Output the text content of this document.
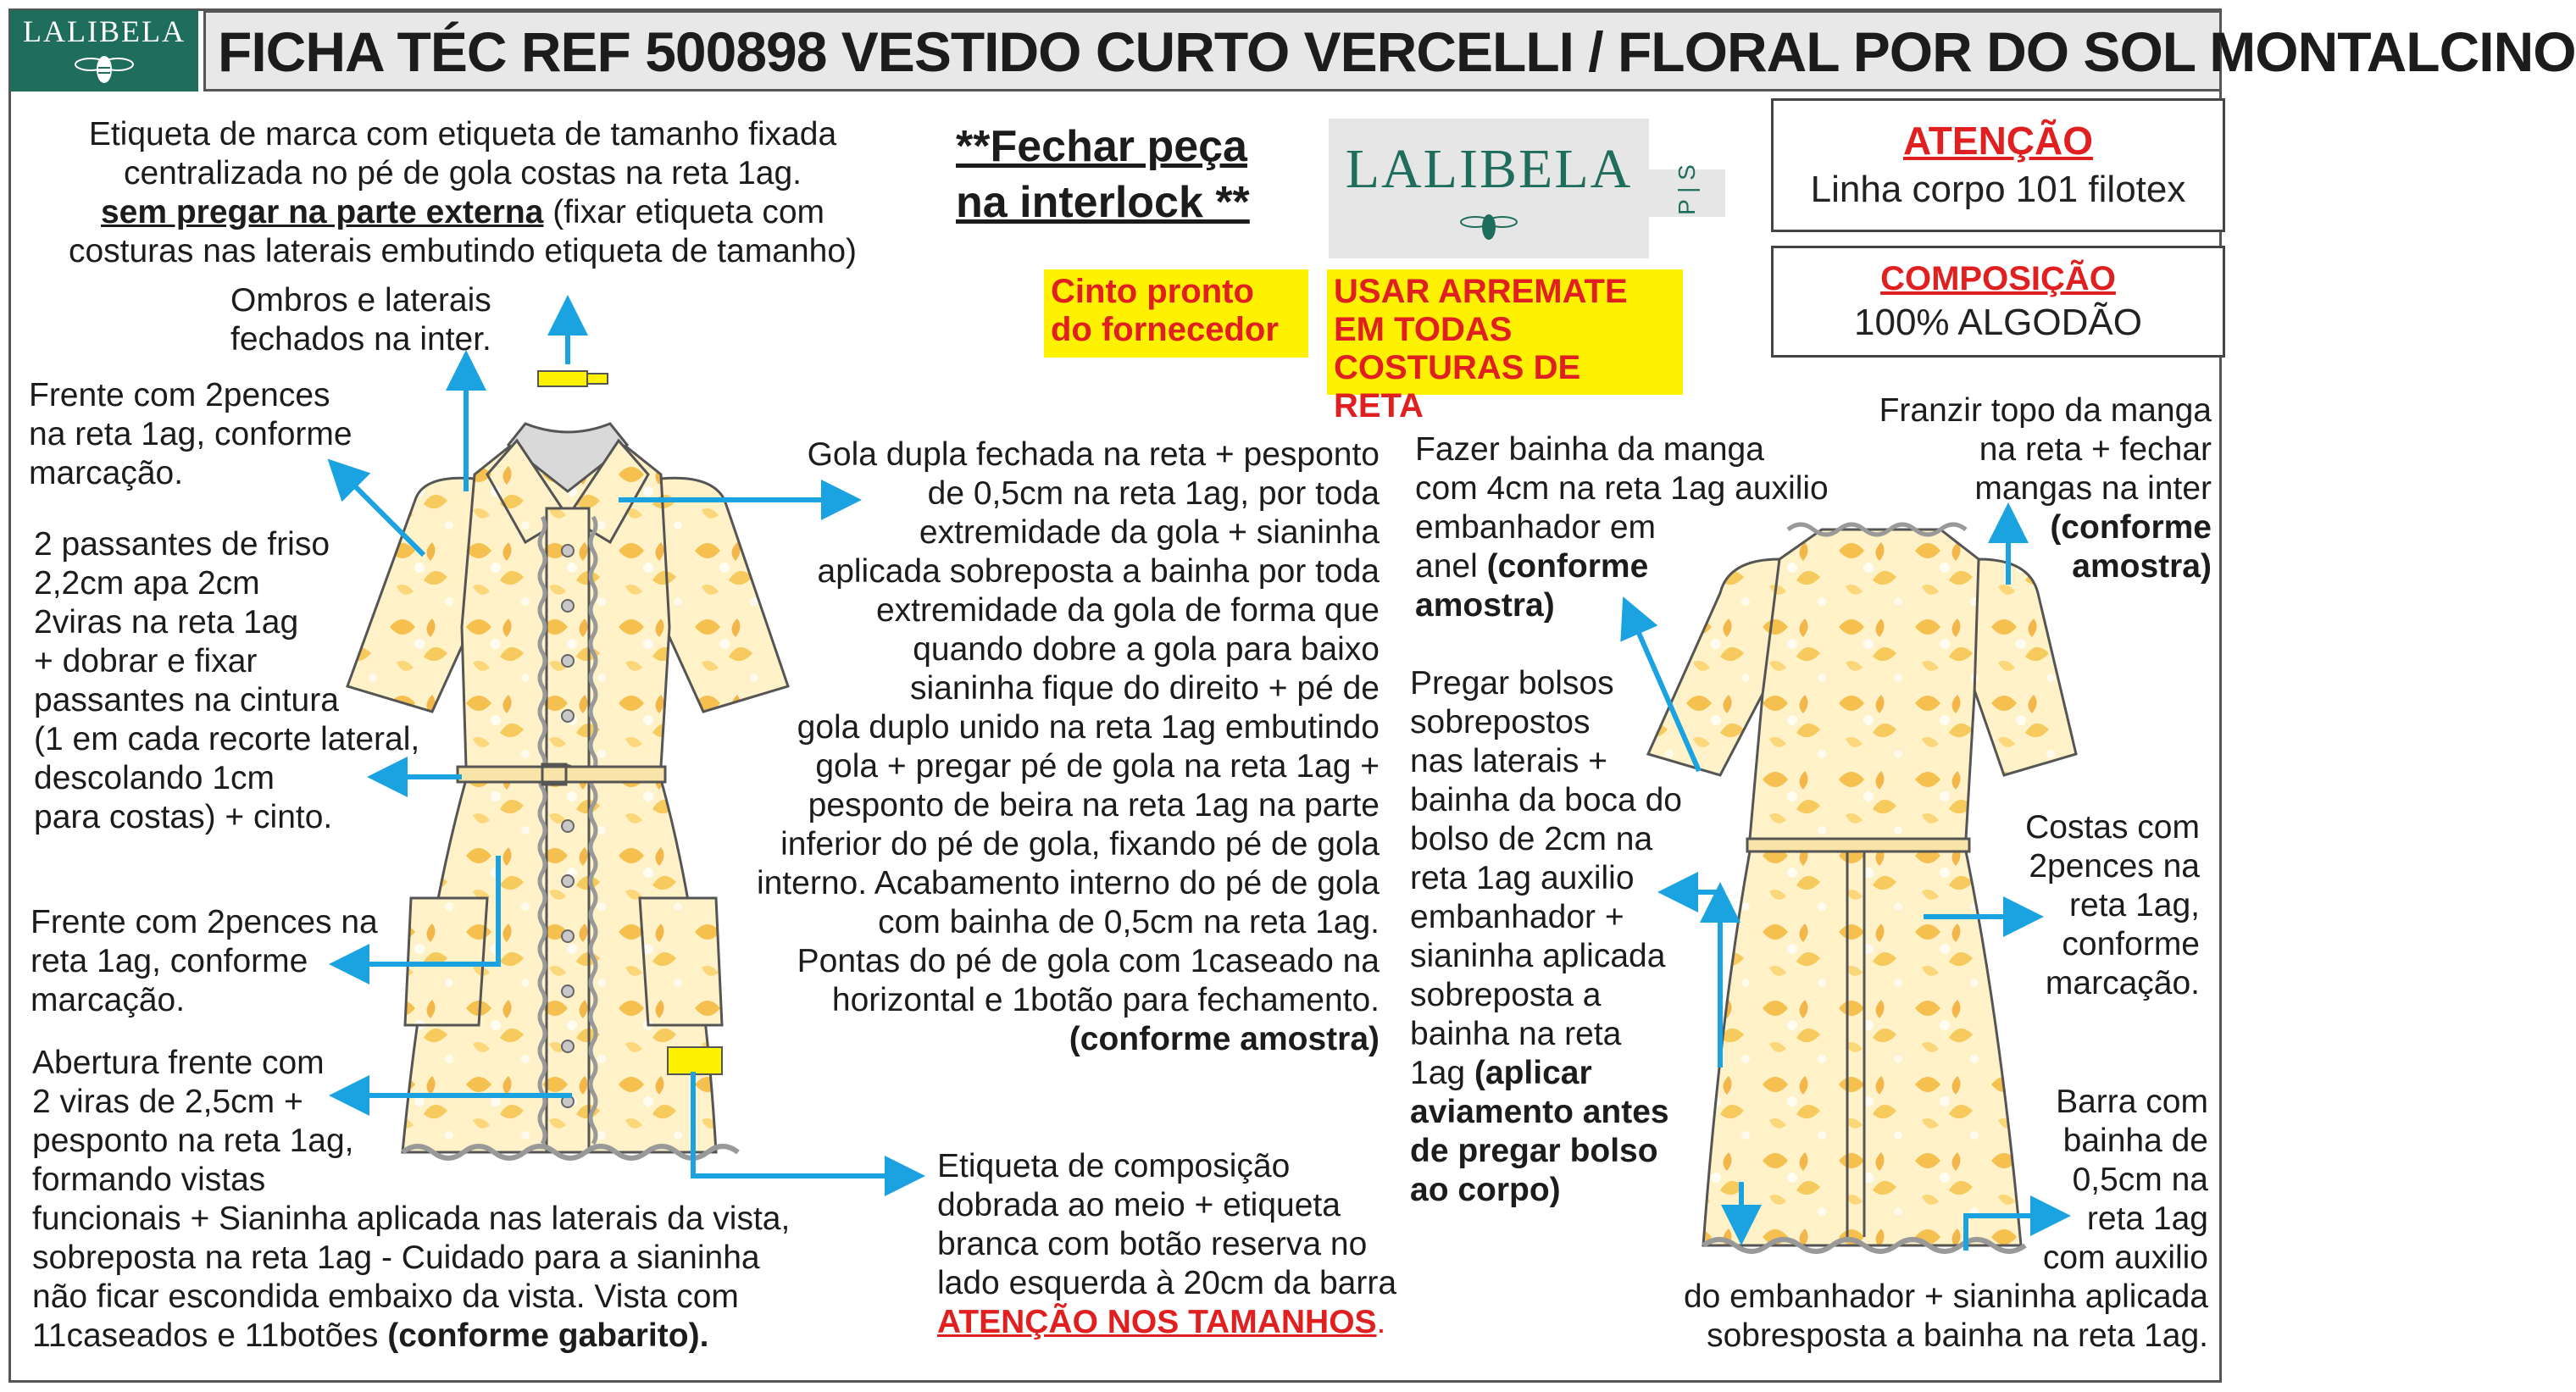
LALIBELA FICHA TÉC REF 500898 VESTIDO CURTO VERCELLI / FLORAL POR DO SOL MONTALCINO
LALIBELA	P | S
**Fechar peça
na interlock **
Cinto pronto
do fornecedor
USAR ARREMATE
EM TODAS
COSTURAS DE RETA
ATENÇÃO
Linha corpo 101 filotex
COMPOSIÇÃO
100% ALGODÃO
Etiqueta de marca com etiqueta de tamanho fixada
centralizada no pé de gola costas na reta 1ag.
sem pregar na parte externa (fixar etiqueta com
costuras nas laterais embutindo etiqueta de tamanho)
Ombros e laterais
fechados na inter.
Frente com 2pences
na reta 1ag, conforme
marcação.
2 passantes de friso
2,2cm apa 2cm
2viras na reta 1ag
+ dobrar e fixar
passantes na cintura
(1 em cada recorte lateral,
descolando 1cm
para costas) + cinto.
Frente com 2pences na
reta 1ag, conforme
marcação.
Abertura frente com
2 viras de 2,5cm +
pesponto na reta 1ag,
formando vistas
funcionais + Sianinha aplicada nas laterais da vista,
sobreposta na reta 1ag - Cuidado para a sianinha
não ficar escondida embaixo da vista. Vista com
11caseados e 11botões (conforme gabarito).
Gola dupla fechada na reta + pesponto
de 0,5cm na reta 1ag, por toda
extremidade da gola + sianinha
aplicada sobreposta a bainha por toda
extremidade da gola de forma que
quando dobre a gola para baixo
sianinha fique do direito + pé de
gola duplo unido na reta 1ag embutindo
gola + pregar pé de gola na reta 1ag +
pesponto de beira na reta 1ag na parte
inferior do pé de gola, fixando pé de gola
interno. Acabamento interno do pé de gola
com bainha de 0,5cm na reta 1ag.
Pontas do pé de gola com 1caseado na
horizontal e 1botão para fechamento.
(conforme amostra)
Etiqueta de composição
dobrada ao meio + etiqueta
branca com botão reserva no
lado esquerda à 20cm da barra
ATENÇÃO NOS TAMANHOS.
Fazer bainha da manga
com 4cm na reta 1ag auxilio
embanhador em
anel (conforme
amostra)
Franzir topo da manga
na reta + fechar
mangas na inter
(conforme
amostra)
Pregar bolsos
sobrepostos
nas laterais +
bainha da boca do
bolso de 2cm na
reta 1ag auxilio
embanhador +
sianinha aplicada
sobreposta a
bainha na reta
1ag (aplicar
aviamento antes
de pregar bolso
ao corpo)
Costas com
2pences na
reta 1ag,
conforme
marcação.
Barra com
bainha de
0,5cm na
reta 1ag
com auxilio
do embanhador + sianinha aplicada
sobresposta a bainha na reta 1ag.
